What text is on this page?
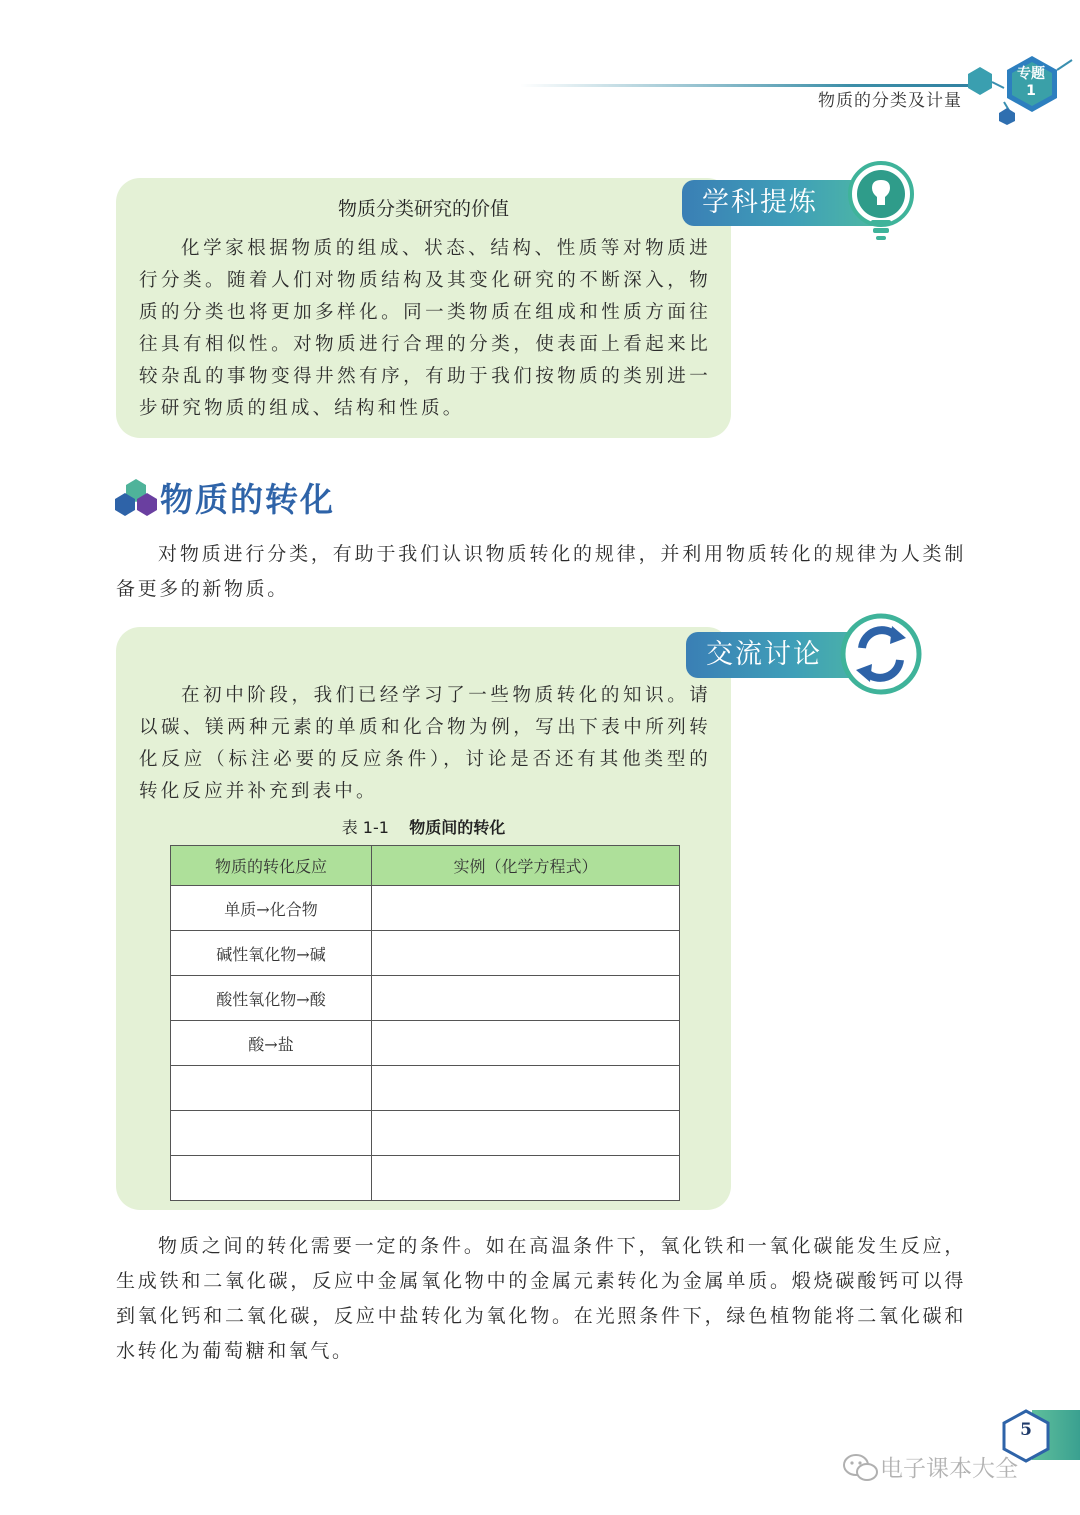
物质的分类及计量
专题
1
物质分类研究的价值
化学家根据物质的组成、状态、结构、性质等对物质进行分类。随着人们对物质结构及其变化研究的不断深入，物质的分类也将更加多样化。同一类物质在组成和性质方面往往具有相似性。对物质进行合理的分类，使表面上看起来比较杂乱的事物变得井然有序，有助于我们按物质的类别进一步研究物质的组成、结构和性质。
学科提炼
物质的转化
对物质进行分类，有助于我们认识物质转化的规律，并利用物质转化的规律为人类制备更多的新物质。
交流讨论
在初中阶段，我们已经学习了一些物质转化的知识。请以碳、镁两种元素的单质和化合物为例，写出下表中所列转化反应（标注必要的反应条件），讨论是否还有其他类型的转化反应并补充到表中。
表 1-1 物质间的转化
物质的转化反应	实例（化学方程式）
单质→化合物	
碱性氧化物→碱	
酸性氧化物→酸	
酸→盐	

物质之间的转化需要一定的条件。如在高温条件下，氧化铁和一氧化碳能发生反应，生成铁和二氧化碳，反应中金属氧化物中的金属元素转化为金属单质。煅烧碳酸钙可以得到氧化钙和二氧化碳，反应中盐转化为氧化物。在光照条件下，绿色植物能将二氧化碳和水转化为葡萄糖和氧气。
5
电子课本大全
